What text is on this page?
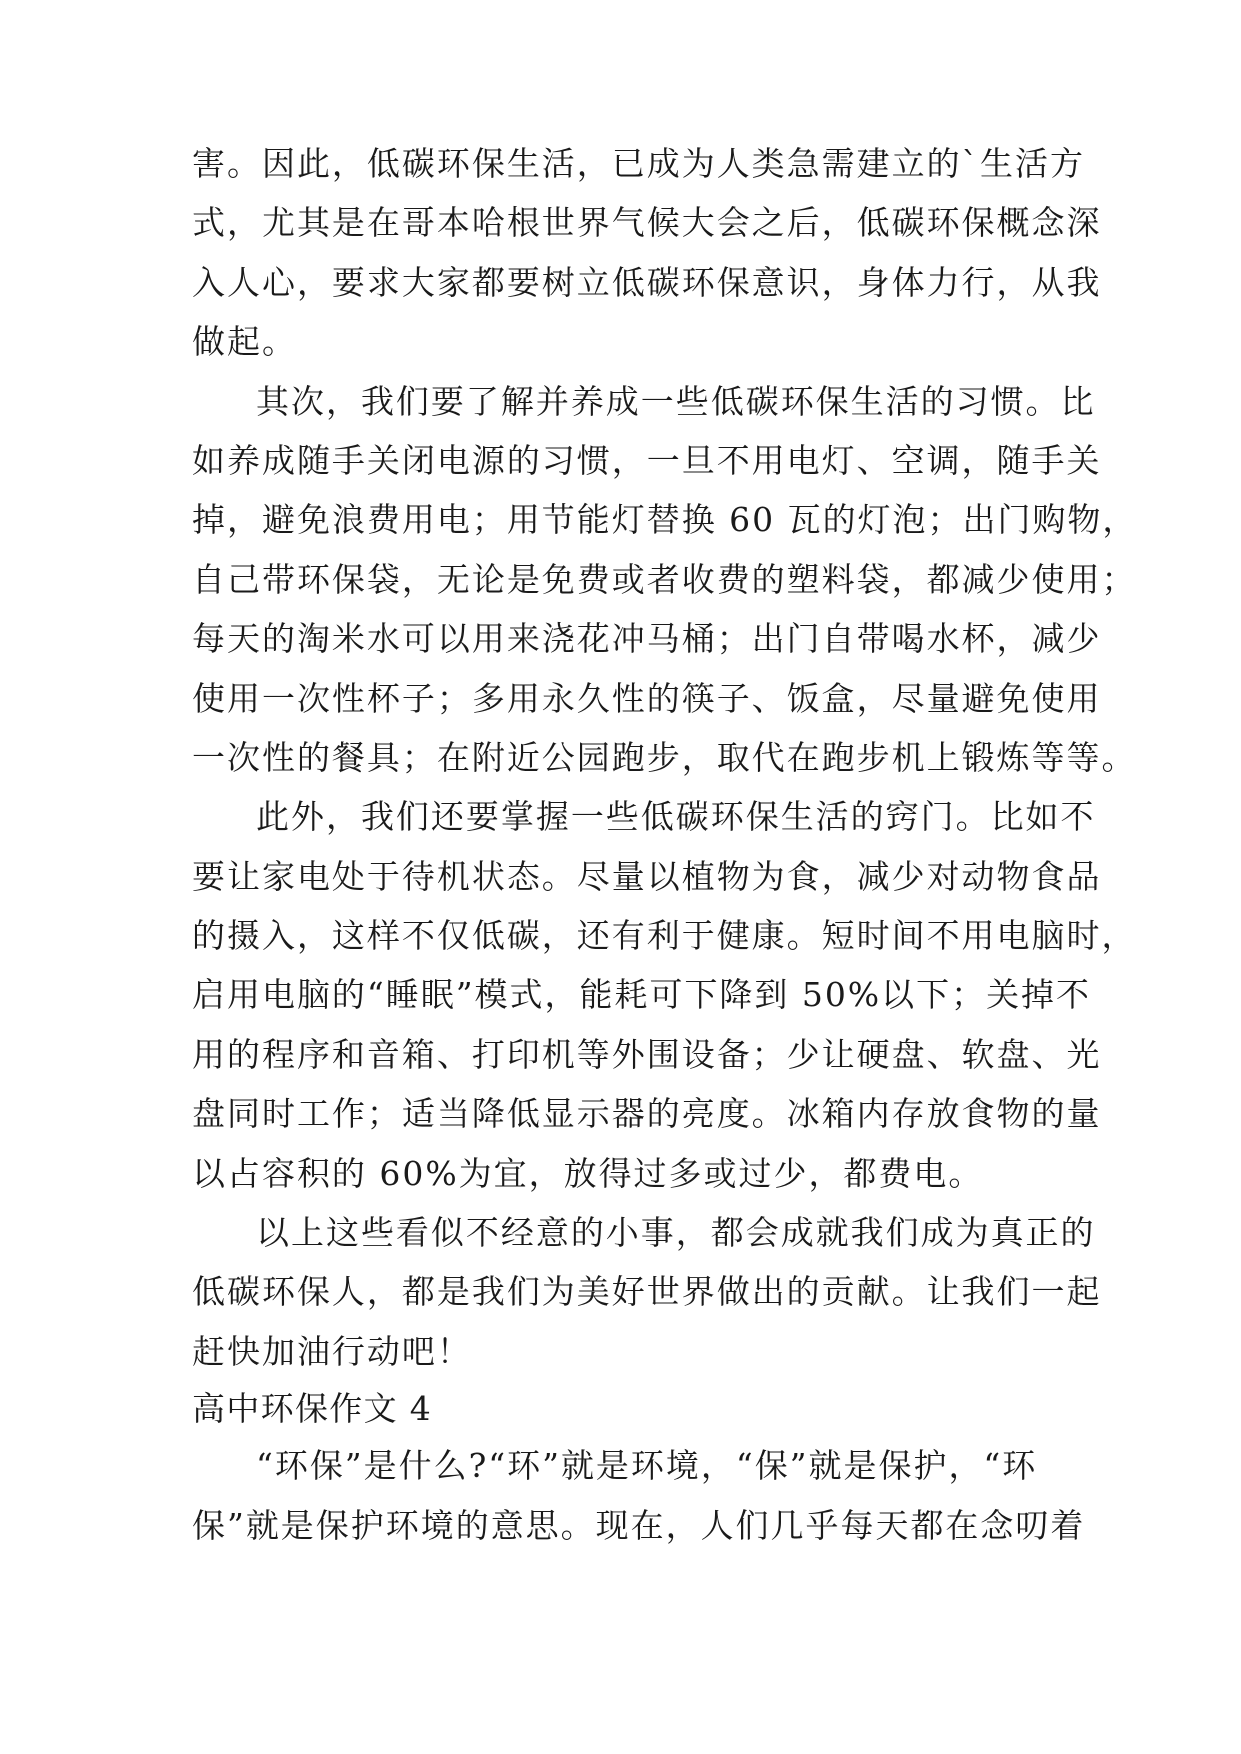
害。因此，低碳环保生活，已成为人类急需建立的`生活方
式，尤其是在哥本哈根世界气候大会之后，低碳环保概念深
入人心，要求大家都要树立低碳环保意识，身体力行，从我
做起。
其次，我们要了解并养成一些低碳环保生活的习惯。比
如养成随手关闭电源的习惯，一旦不用电灯、空调，随手关
掉，避免浪费用电；用节能灯替换 60 瓦的灯泡；出门购物，
自己带环保袋，无论是免费或者收费的塑料袋，都减少使用；
每天的淘米水可以用来浇花冲马桶；出门自带喝水杯，减少
使用一次性杯子；多用永久性的筷子、饭盒，尽量避免使用
一次性的餐具；在附近公园跑步，取代在跑步机上锻炼等等。
此外，我们还要掌握一些低碳环保生活的窍门。比如不
要让家电处于待机状态。尽量以植物为食，减少对动物食品
的摄入，这样不仅低碳，还有利于健康。短时间不用电脑时，
启用电脑的“睡眠”模式，能耗可下降到 50%以下；关掉不
用的程序和音箱、打印机等外围设备；少让硬盘、软盘、光
盘同时工作；适当降低显示器的亮度。冰箱内存放食物的量
以占容积的 60%为宜，放得过多或过少，都费电。
以上这些看似不经意的小事，都会成就我们成为真正的
低碳环保人，都是我们为美好世界做出的贡献。让我们一起
赶快加油行动吧！
高中环保作文 4
“环保”是什么?“环”就是环境，“保”就是保护，“环
保”就是保护环境的意思。现在，人们几乎每天都在念叨着
